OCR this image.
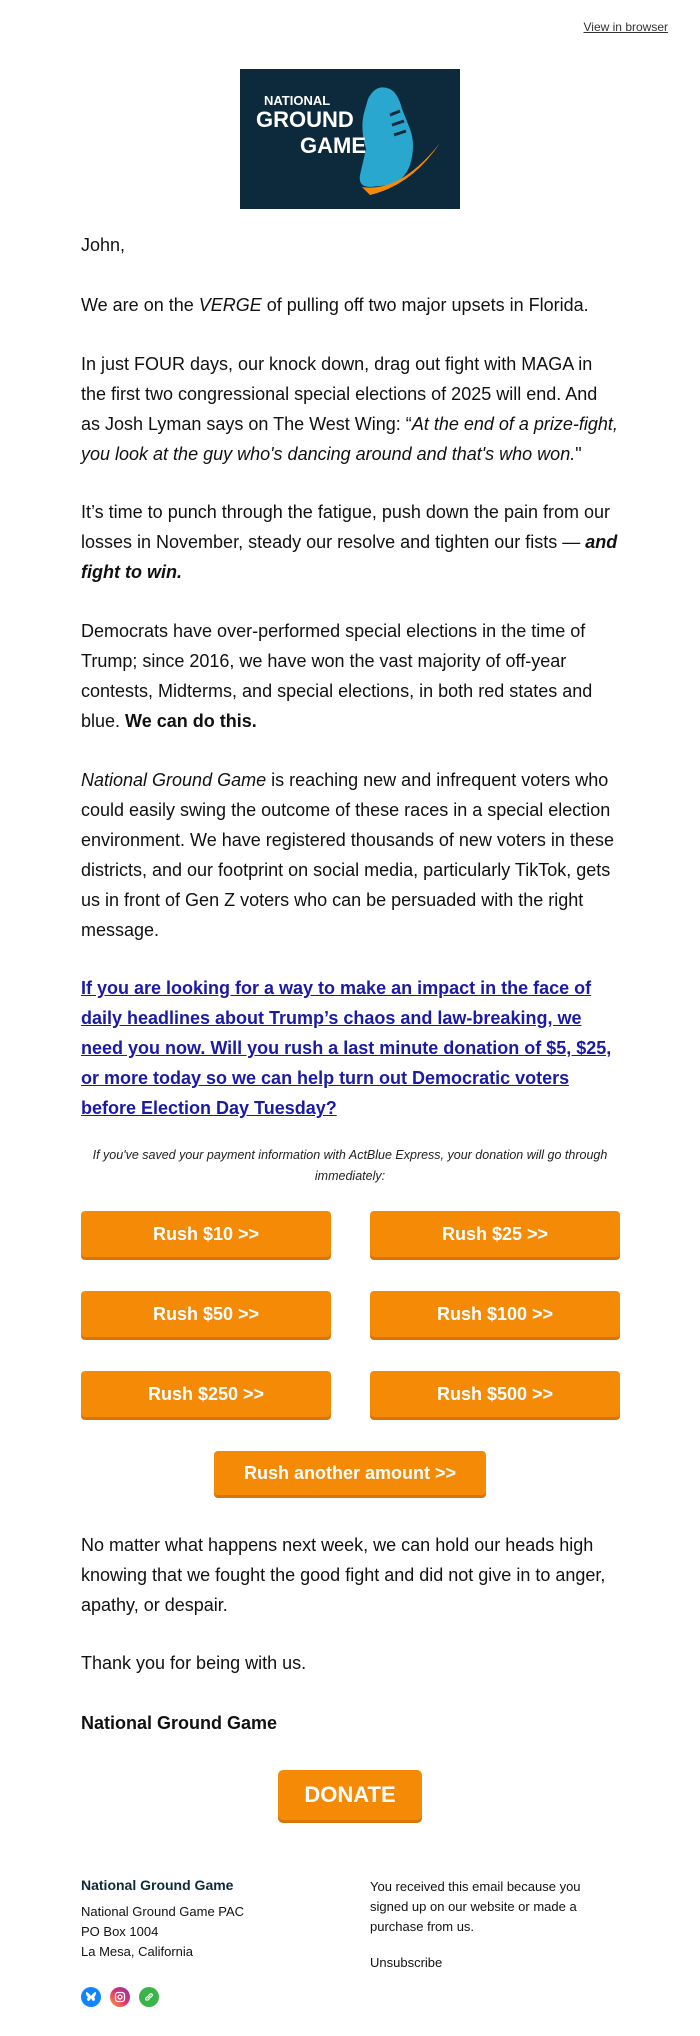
View in browser
NATIONAL
GROUND
GAME

John,

We are on the VERGE of pulling off two major upsets in Florida.

In just FOUR days, our knock down, drag out fight with MAGA in the first two congressional special elections of 2025 will end. And as Josh Lyman says on The West Wing: “At the end of a prize-fight, you look at the guy who's dancing around and that's who won."

It’s time to punch through the fatigue, push down the pain from our losses in November, steady our resolve and tighten our fists — and fight to win.

Democrats have over-performed special elections in the time of Trump; since 2016, we have won the vast majority of off-year contests, Midterms, and special elections, in both red states and blue. We can do this.

National Ground Game is reaching new and infrequent voters who could easily swing the outcome of these races in a special election environment. We have registered thousands of new voters in these districts, and our footprint on social media, particularly TikTok, gets us in front of Gen Z voters who can be persuaded with the right message.

If you are looking for a way to make an impact in the face of daily headlines about Trump’s chaos and law-breaking, we need you now. Will you rush a last minute donation of $5, $25, or more today so we can help turn out Democratic voters before Election Day Tuesday?

If you've saved your payment information with ActBlue Express, your donation will go through immediately:
Rush $10 >>	Rush $25 >>
Rush $50 >>	Rush $100 >>
Rush $250 >>	Rush $500 >>
Rush another amount >>

No matter what happens next week, we can hold our heads high knowing that we fought the good fight and did not give in to anger, apathy, or despair.

Thank you for being with us.

National Ground Game

DONATE
National Ground Game
National Ground Game PAC
PO Box 1004
La Mesa, California
You received this email because you signed up on our website or made a purchase from us.
Unsubscribe
